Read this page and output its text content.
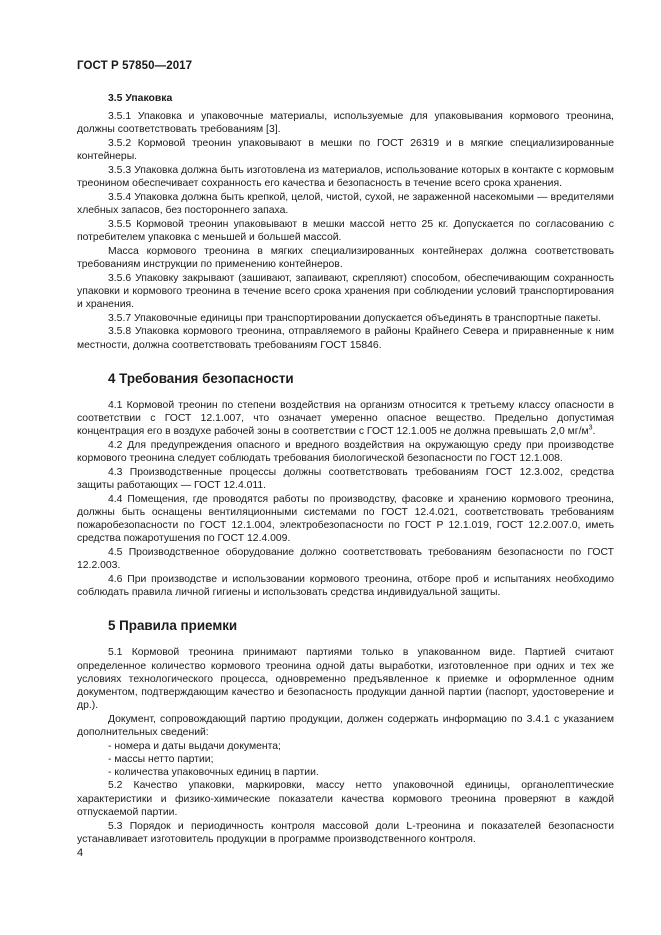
ГОСТ Р 57850—2017
3.5 Упаковка

3.5.1 Упаковка и упаковочные материалы, используемые для упаковывания кормового треонина, должны соответствовать требованиям [3].

3.5.2 Кормовой треонин упаковывают в мешки по ГОСТ 26319 и в мягкие специализированные контейнеры.

3.5.3 Упаковка должна быть изготовлена из материалов, использование которых в контакте с кормовым треонином обеспечивает сохранность его качества и безопасность в течение всего срока хранения.

3.5.4 Упаковка должна быть крепкой, целой, чистой, сухой, не зараженной насекомыми — вредителями хлебных запасов, без постороннего запаха.

3.5.5 Кормовой треонин упаковывают в мешки массой нетто 25 кг. Допускается по согласованию с потребителем упаковка с меньшей и большей массой.

Масса кормового треонина в мягких специализированных контейнерах должна соответствовать требованиям инструкции по применению контейнеров.

3.5.6 Упаковку закрывают (зашивают, запаивают, скрепляют) способом, обеспечивающим сохранность упаковки и кормового треонина в течение всего срока хранения при соблюдении условий транспортирования и хранения.

3.5.7 Упаковочные единицы при транспортировании допускается объединять в транспортные пакеты.

3.5.8 Упаковка кормового треонина, отправляемого в районы Крайнего Севера и приравненные к ним местности, должна соответствовать требованиям ГОСТ 15846.

4 Требования безопасности

4.1 Кормовой треонин по степени воздействия на организм относится к третьему классу опасности в соответствии с ГОСТ 12.1.007, что означает умеренно опасное вещество. Предельно допустимая концентрация его в воздухе рабочей зоны в соответствии с ГОСТ 12.1.005 не должна превышать 2,0 $мг/м^3$.

4.2 Для предупреждения опасного и вредного воздействия на окружающую среду при производстве кормового треонина следует соблюдать требования биологической безопасности по ГОСТ 12.1.008.

4.3 Производственные процессы должны соответствовать требованиям ГОСТ 12.3.002, средства защиты работающих — ГОСТ 12.4.011.

4.4 Помещения, где проводятся работы по производству, фасовке и хранению кормового треонина, должны быть оснащены вентиляционными системами по ГОСТ 12.4.021, соответствовать требованиям пожаробезопасности по ГОСТ 12.1.004, электробезопасности по ГОСТ Р 12.1.019, ГОСТ 12.2.007.0, иметь средства пожаротушения по ГОСТ 12.4.009.

4.5 Производственное оборудование должно соответствовать требованиям безопасности по ГОСТ 12.2.003.

4.6 При производстве и использовании кормового треонина, отборе проб и испытаниях необходимо соблюдать правила личной гигиены и использовать средства индивидуальной защиты.

5 Правила приемки

5.1 Кормовой треонина принимают партиями только в упакованном виде. Партией считают определенное количество кормового треонина одной даты выработки, изготовленное при одних и тех же условиях технологического процесса, одновременно предъявленное к приемке и оформленное одним документом, подтверждающим качество и безопасность продукции данной партии (паспорт, удостоверение и др.).

Документ, сопровождающий партию продукции, должен содержать информацию по 3.4.1 с указанием дополнительных сведений:

- номера и даты выдачи документа;
- массы нетто партии;
- количества упаковочных единиц в партии.

5.2 Качество упаковки, маркировки, массу нетто упаковочной единицы, органолептические характеристики и физико-химические показатели качества кормового треонина проверяют в каждой отпускаемой партии.

5.3 Порядок и периодичность контроля массовой доли L-треонина и показателей безопасности устанавливает изготовитель продукции в программе производственного контроля.

4
